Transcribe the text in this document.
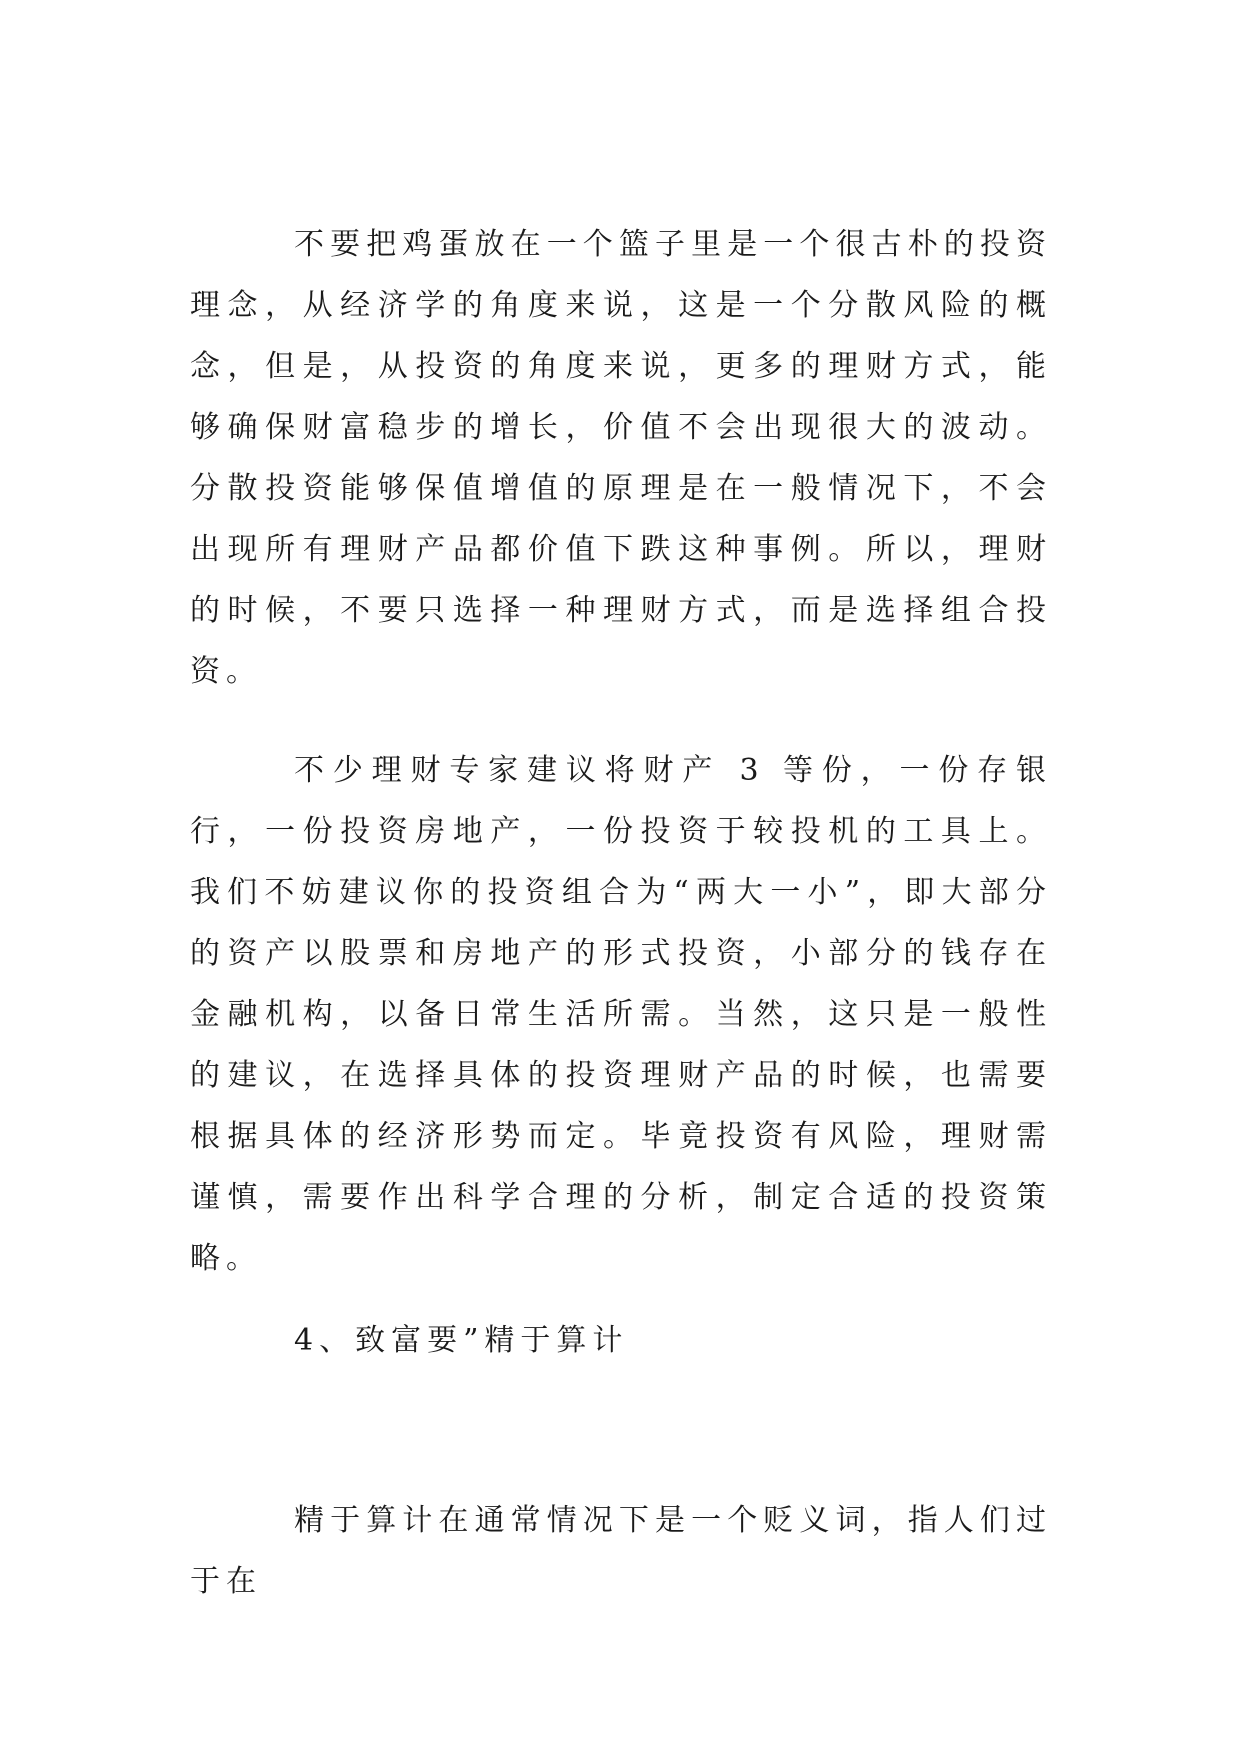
不要把鸡蛋放在一个篮子里是一个很古朴的投资理念，从经济学的角度来说，这是一个分散风险的概念，但是，从投资的角度来说，更多的理财方式，能够确保财富稳步的增长，价值不会出现很大的波动。分散投资能够保值增值的原理是在一般情况下，不会出现所有理财产品都价值下跌这种事例。所以，理财的时候，不要只选择一种理财方式，而是选择组合投资。

不少理财专家建议将财产 3 等份，一份存银行，一份投资房地产，一份投资于较投机的工具上。我们不妨建议你的投资组合为“两大一小”，即大部分的资产以股票和房地产的形式投资，小部分的钱存在金融机构，以备日常生活所需。当然，这只是一般性的建议，在选择具体的投资理财产品的时候，也需要根据具体的经济形势而定。毕竟投资有风险，理财需谨慎，需要作出科学合理的分析，制定合适的投资策略。

4、致富要”精于算计

精于算计在通常情况下是一个贬义词，指人们过于在
